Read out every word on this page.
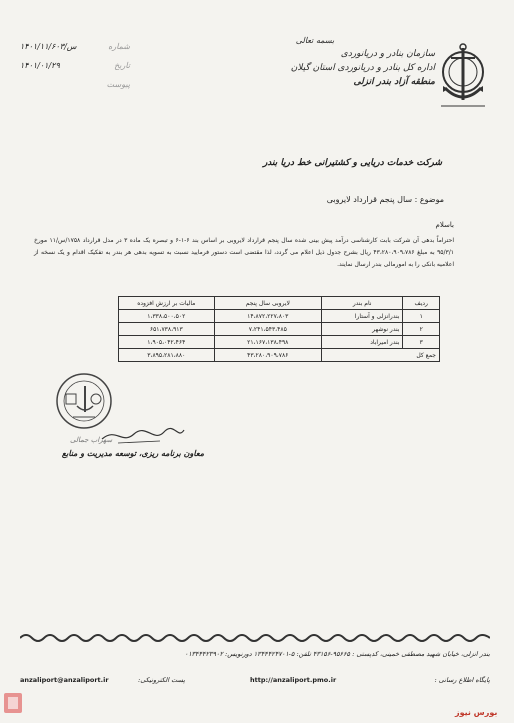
بسمه تعالی
سازمان بنادر و دریانوردی
اداره کل بنادر و دریانوردی استان گیلان
منطقه آزاد بندر انزلی
۱۴۰۱/س/۱۱/۶۰۳	شماره
۱۴۰۱/۰۱/۲۹	تاریخ
پیوست
شرکت خدمات دریایی و کشتیرانی خط دریا بندر
موضوع : سال پنجم قرارداد لایروبی
باسلام
احتراماً بدهی آن شرکت بابت کارشناسی درآمد پیش بینی شده سال پنجم قرارداد لایروبی بر اساس بند ۶-۱-۶ و تبصره یک ماده ۳ در مدل قرارداد ۱۷۵۸/س/۱۱ مورخ ۹۵/۳/۱ به مبلغ ۴۳،۲۸۰،۹۰۹،۷۸۶ ریال بشرح جدول ذیل اعلام می گردد، لذا مقتضی است دستور فرمایید نسبت به تسویه بدهی هر بندر به تفکیک اقدام و یک نسخه از اعلامیه بانکی را به امورمالی بندر ارسال نمایند.
ردیف	نام بندر	لایروبی سال پنجم	مالیات بر ارزش افزوده
۱	بندرانزلی و آستارا	۱۴،۸۷۲،۲۲۷،۸۰۳	۱،۳۳۸،۵۰۰،۵۰۲
۲	بندر نوشهر	۷،۲۴۱،۵۴۳،۴۸۵	۶۵۱،۷۳۸،۹۱۳
۳	بندر امیراباد	۲۱،۱۶۷،۱۳۸،۴۹۸	۱،۹۰۵،۰۴۲،۴۶۴
جمع کل		۴۳،۲۸۰،۹۰۹،۷۸۶	۳،۸۹۵،۲۸۱،۸۸۰
سهراب جمالی
معاون برنامه ریزی، توسعه مدیریت و منابع
بندر انزلی، خیابان شهید مصطفی خمینی، کدپستی : ۹۵۶۶۵-۴۳۱۵۶ تلفن: ۵-۱۳۴۴۴۲۴۷۰۱ دورنویس: ۰۱۳۴۴۴۲۳۹۰۲
anzaliport@anzaliport.ir	پست الکترونیکی:	http://anzaliport.pmo.ir	پایگاه اطلاع رسانی :
بورس نیوز
